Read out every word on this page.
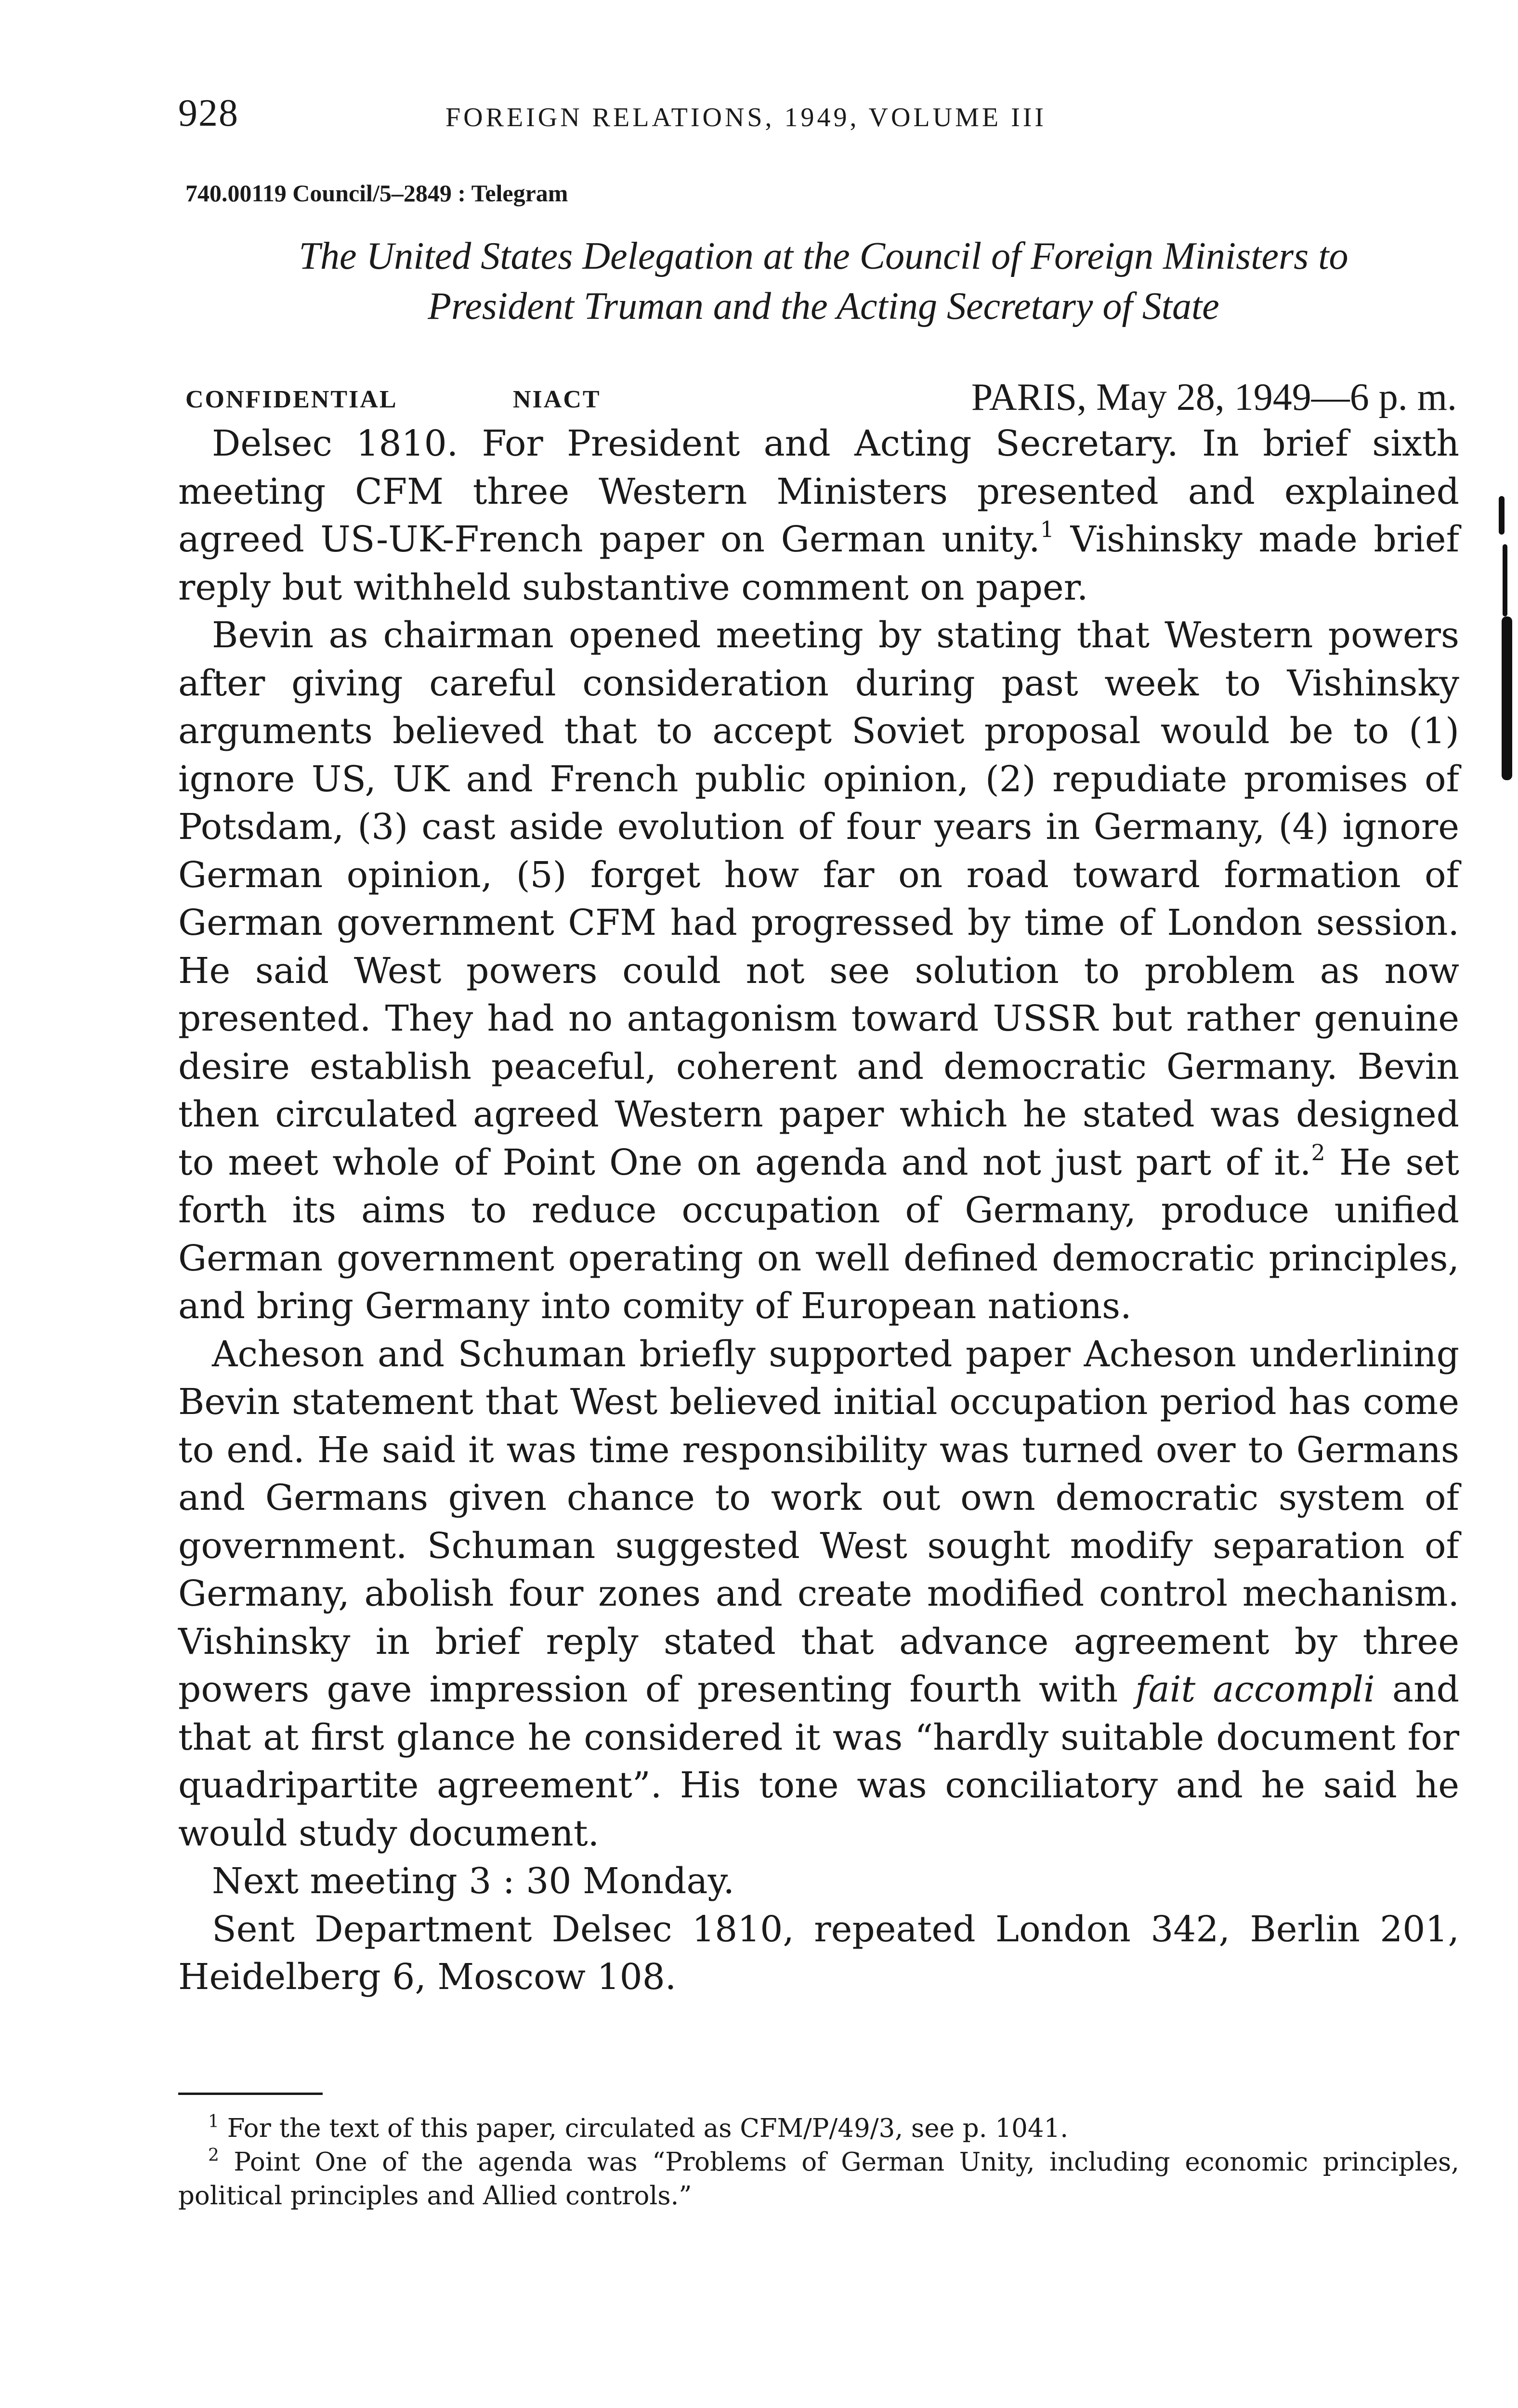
928	FOREIGN RELATIONS, 1949, VOLUME III
740.00119 Council/5–2849 : Telegram
The United States Delegation at the Council of Foreign Ministers to
President Truman and the Acting Secretary of State
CONFIDENTIAL	NIACT	PARIS, May 28, 1949—6 p. m.

Delsec 1810. For President and Acting Secretary. In brief sixth meeting CFM three Western Ministers presented and explained agreed US-UK-French paper on German unity.$^1$ Vishinsky made brief reply but withheld substantive comment on paper.

Bevin as chairman opened meeting by stating that Western powers after giving careful consideration during past week to Vishinsky arguments believed that to accept Soviet proposal would be to (1) ignore US, UK and French public opinion, (2) repudiate promises of Potsdam, (3) cast aside evolution of four years in Germany, (4) ignore German opinion, (5) forget how far on road toward formation of German government CFM had progressed by time of London session. He said West powers could not see solution to problem as now presented. They had no antagonism toward USSR but rather genuine desire establish peaceful, coherent and democratic Germany. Bevin then circulated agreed Western paper which he stated was designed to meet whole of Point One on agenda and not just part of it.$^2$ He set forth its aims to reduce occupation of Germany, produce unified German government operating on well defined democratic principles, and bring Germany into comity of European nations.

Acheson and Schuman briefly supported paper Acheson underlining Bevin statement that West believed initial occupation period has come to end. He said it was time responsibility was turned over to Germans and Germans given chance to work out own democratic system of government. Schuman suggested West sought modify separation of Germany, abolish four zones and create modified control mechanism. Vishinsky in brief reply stated that advance agreement by three powers gave impression of presenting fourth with fait accompli and that at first glance he considered it was “hardly suitable document for quadripartite agreement”. His tone was conciliatory and he said he would study document.

Next meeting 3 : 30 Monday.

Sent Department Delsec 1810, repeated London 342, Berlin 201, Heidelberg 6, Moscow 108.

$^1$ For the text of this paper, circulated as CFM/P/49/3, see p. 1041.

$^2$ Point One of the agenda was “Problems of German Unity, including economic principles, political principles and Allied controls.”
